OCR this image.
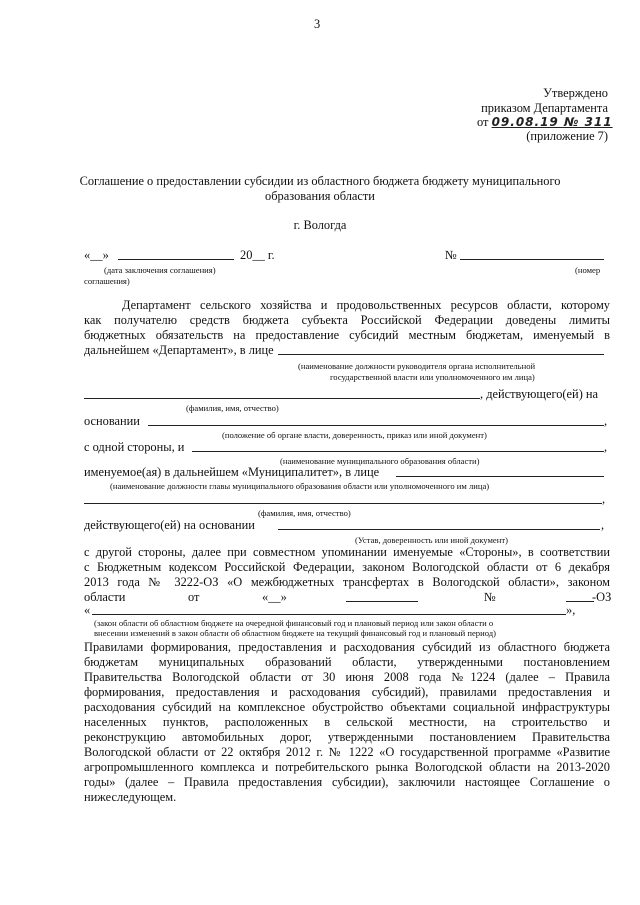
3
Утверждено
приказом Департамента
от 09.08.19 № 311
(приложение 7)
Соглашение о предоставлении субсидии из областного бюджета бюджету муниципального
образования области
г. Вологда
«__»	20__ г.	№
(дата заключения соглашения)	(номер
соглашения)
Департамент сельского хозяйства и продовольственных ресурсов области, которому
как получателю средств бюджета субъекта Российской Федерации доведены лимиты
бюджетных обязательств на предоставление субсидий местным бюджетам, именуемый в
дальнейшем «Департамент», в лице
(наименование должности руководителя органа исполнительной
государственной власти или уполномоченного им лица)
, действующего(ей) на
(фамилия, имя, отчество)
основании	,
(положение об органе власти, доверенность, приказ или иной документ)
с одной стороны, и	,
(наименование муниципального образования области)
именуемое(ая) в дальнейшем «Муниципалитет», в лице
(наименование должности главы муниципального образования области или уполномоченного им лица)
,
(фамилия, имя, отчество)
действующего(ей) на основании	,
(Устав, доверенность или иной документ)
с другой стороны, далее при совместном упоминании именуемые «Стороны», в соответствии
с Бюджетным кодексом Российской Федерации, законом Вологодской области от 6 декабря
2013 года № 3222-ОЗ «О межбюджетных трансфертах в Вологодской области», законом
области	от	«__»	№	-ОЗ
«	»,
(закон области об областном бюджете на очередной финансовый год и плановый период или закон области о
внесении изменений в закон области об областном бюджете на текущий финансовый год и плановый период)
Правилами формирования, предоставления и расходования субсидий из областного бюджета
бюджетам муниципальных образований области, утвержденными постановлением
Правительства Вологодской области от 30 июня 2008 года №1224 (далее – Правила
формирования, предоставления и расходования субсидий), правилами предоставления и
расходования субсидий на комплексное обустройство объектами социальной инфраструктуры
населенных пунктов, расположенных в сельской местности, на строительство и
реконструкцию автомобильных дорог, утвержденными постановлением Правительства
Вологодской области от 22 октября 2012 г. № 1222 «О государственной программе «Развитие
агропромышленного комплекса и потребительского рынка Вологодской области на 2013-2020
годы» (далее – Правила предоставления субсидии), заключили настоящее Соглашение о
нижеследующем.
